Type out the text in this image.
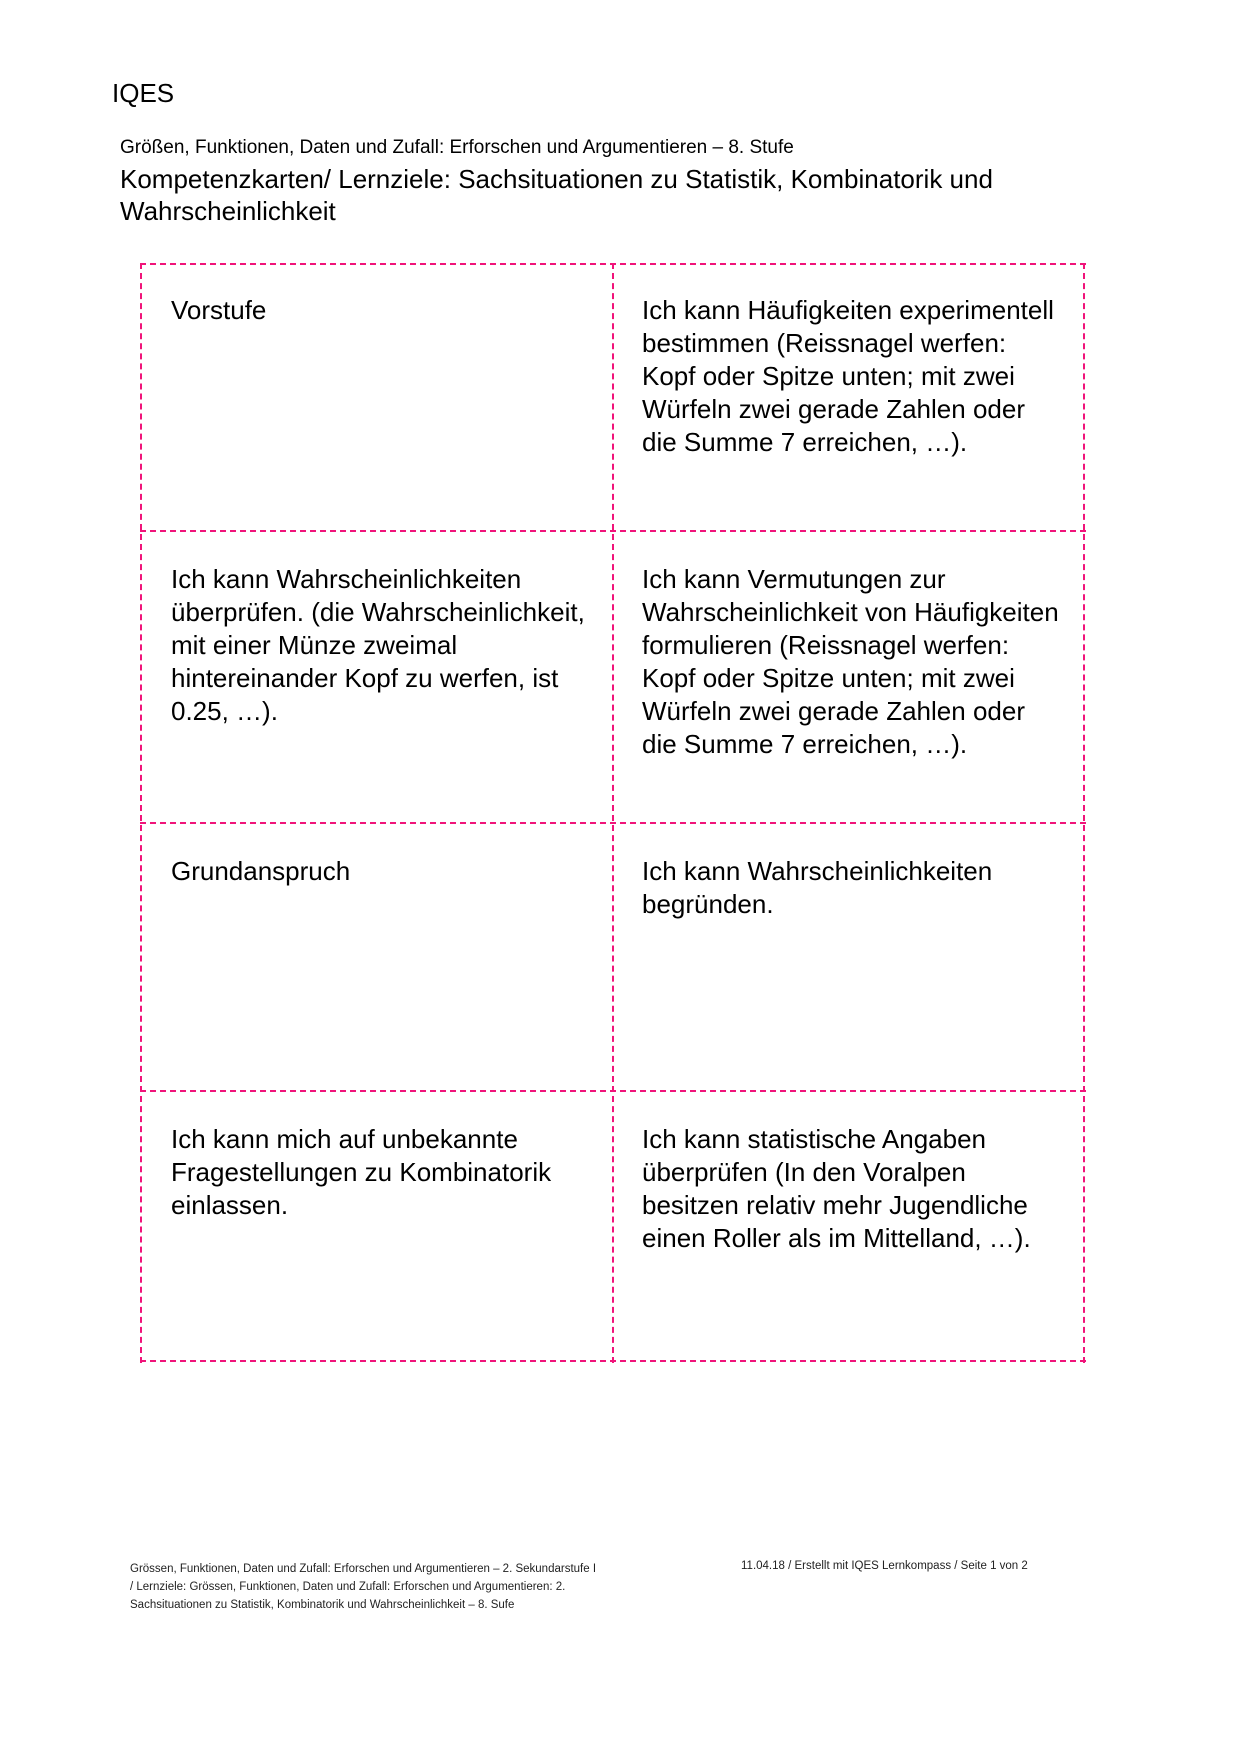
IQES
Größen, Funktionen, Daten und Zufall: Erforschen und Argumentieren – 8. Stufe
Kompetenzkarten/ Lernziele: Sachsituationen zu Statistik, Kombinatorik und Wahrscheinlichkeit
Vorstufe	Ich kann Häufigkeiten experimentell bestimmen (Reissnagel werfen: Kopf oder Spitze unten; mit zwei Würfeln zwei gerade Zahlen oder die Summe 7 erreichen, …).
Ich kann Wahrscheinlichkeiten überprüfen. (die Wahrscheinlichkeit, mit einer Münze zweimal hintereinander Kopf zu werfen, ist 0.25, …).
Ich kann Vermutungen zur Wahrscheinlichkeit von Häufigkeiten formulieren (Reissnagel werfen: Kopf oder Spitze unten; mit zwei Würfeln zwei gerade Zahlen oder die Summe 7 erreichen, …).
Grundanspruch	Ich kann Wahrscheinlichkeiten begründen.
Ich kann mich auf unbekannte Fragestellungen zu Kombinatorik einlassen.
Ich kann statistische Angaben überprüfen (In den Voralpen besitzen relativ mehr Jugendliche einen Roller als im Mittelland, …).
Grössen, Funktionen, Daten und Zufall: Erforschen und Argumentieren – 2. Sekundarstufe I / Lernziele: Grössen, Funktionen, Daten und Zufall: Erforschen und Argumentieren: 2. Sachsituationen zu Statistik, Kombinatorik und Wahrscheinlichkeit – 8. Sufe
11.04.18 / Erstellt mit IQES Lernkompass / Seite 1 von 2
